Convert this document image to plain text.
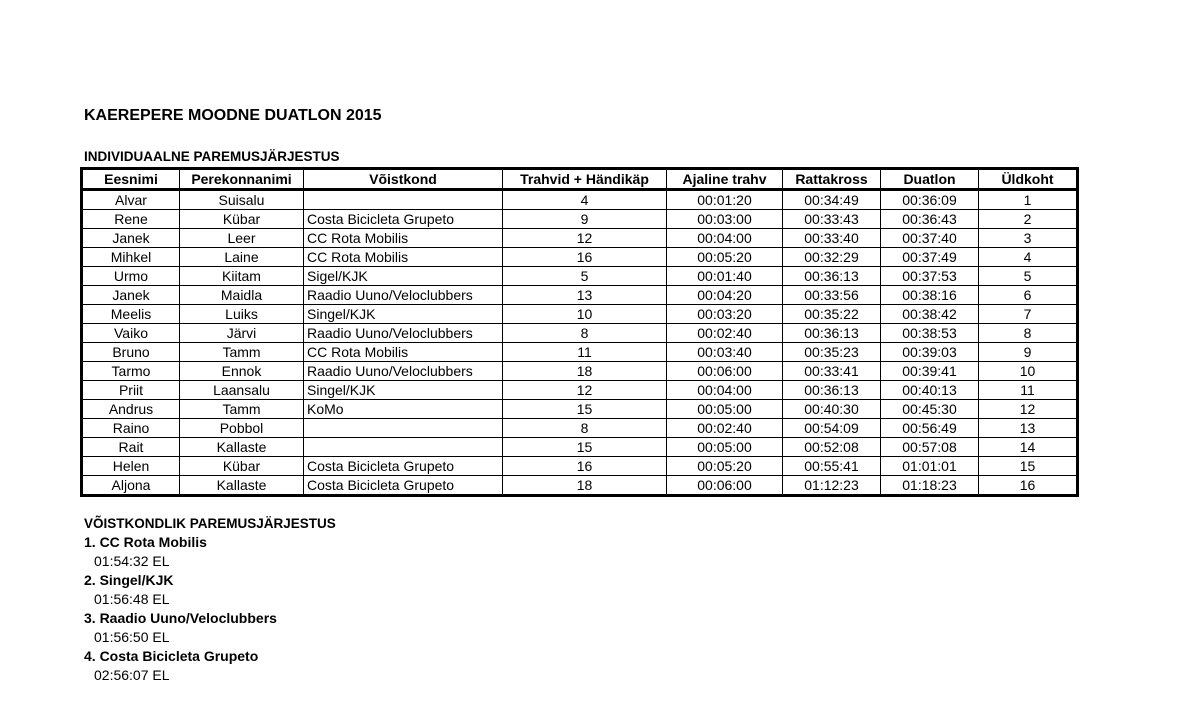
KAEREPERE MOODNE DUATLON 2015
INDIVIDUAALNE PAREMUSJÄRJESTUS
Eesnimi	Perekonnanimi	Võistkond	Trahvid + Händikäp	Ajaline trahv	Rattakross	Duatlon	Üldkoht
Alvar	Suisalu		4	00:01:20	00:34:49	00:36:09	1
Rene	Kübar	Costa Bicicleta Grupeto	9	00:03:00	00:33:43	00:36:43	2
Janek	Leer	CC Rota Mobilis	12	00:04:00	00:33:40	00:37:40	3
Mihkel	Laine	CC Rota Mobilis	16	00:05:20	00:32:29	00:37:49	4
Urmo	Kiitam	Sigel/KJK	5	00:01:40	00:36:13	00:37:53	5
Janek	Maidla	Raadio Uuno/Veloclubbers	13	00:04:20	00:33:56	00:38:16	6
Meelis	Luiks	Singel/KJK	10	00:03:20	00:35:22	00:38:42	7
Vaiko	Järvi	Raadio Uuno/Veloclubbers	8	00:02:40	00:36:13	00:38:53	8
Bruno	Tamm	CC Rota Mobilis	11	00:03:40	00:35:23	00:39:03	9
Tarmo	Ennok	Raadio Uuno/Veloclubbers	18	00:06:00	00:33:41	00:39:41	10
Priit	Laansalu	Singel/KJK	12	00:04:00	00:36:13	00:40:13	11
Andrus	Tamm	KoMo	15	00:05:00	00:40:30	00:45:30	12
Raino	Pobbol		8	00:02:40	00:54:09	00:56:49	13
Rait	Kallaste		15	00:05:00	00:52:08	00:57:08	14
Helen	Kübar	Costa Bicicleta Grupeto	16	00:05:20	00:55:41	01:01:01	15
Aljona	Kallaste	Costa Bicicleta Grupeto	18	00:06:00	01:12:23	01:18:23	16
VÕISTKONDLIK PAREMUSJÄRJESTUS
1. CC Rota Mobilis
01:54:32 EL
2. Singel/KJK
01:56:48 EL
3. Raadio Uuno/Veloclubbers
01:56:50 EL
4. Costa Bicicleta Grupeto
02:56:07 EL
